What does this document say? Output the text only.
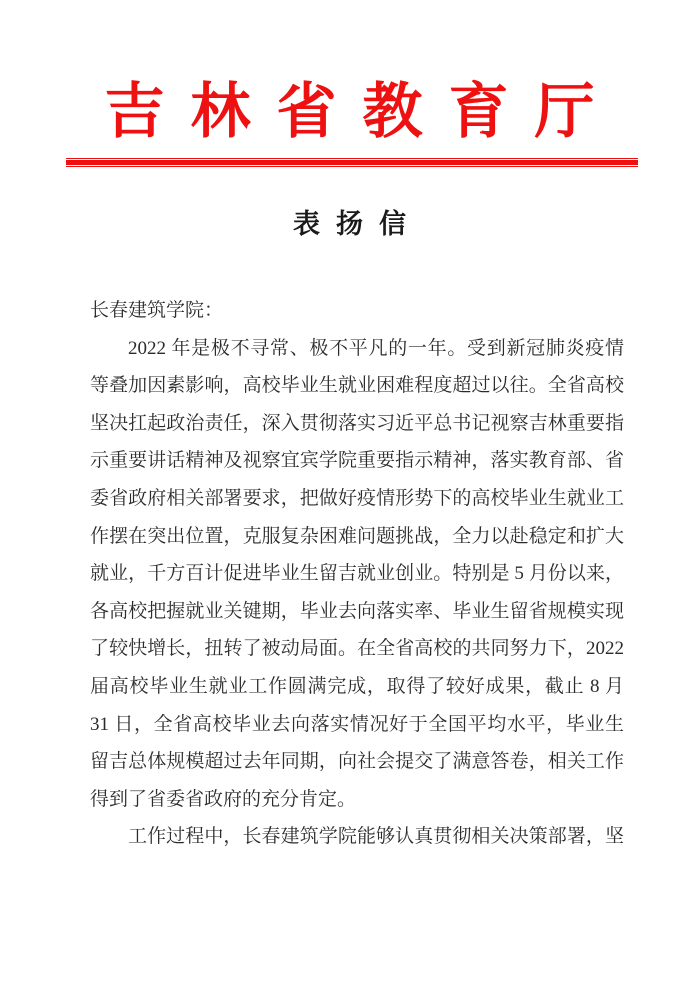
吉林省教育厅
表扬信
长春建筑学院：
2022 年是极不寻常、极不平凡的一年。受到新冠肺炎疫情
等叠加因素影响，高校毕业生就业困难程度超过以往。全省高校
坚决扛起政治责任，深入贯彻落实习近平总书记视察吉林重要指
示重要讲话精神及视察宜宾学院重要指示精神，落实教育部、省
委省政府相关部署要求，把做好疫情形势下的高校毕业生就业工
作摆在突出位置，克服复杂困难问题挑战，全力以赴稳定和扩大
就业，千方百计促进毕业生留吉就业创业。特别是 5 月份以来，
各高校把握就业关键期，毕业去向落实率、毕业生留省规模实现
了较快增长，扭转了被动局面。在全省高校的共同努力下，2022
届高校毕业生就业工作圆满完成，取得了较好成果，截止 8 月
31 日，全省高校毕业去向落实情况好于全国平均水平，毕业生
留吉总体规模超过去年同期，向社会提交了满意答卷，相关工作
得到了省委省政府的充分肯定。
工作过程中，长春建筑学院能够认真贯彻相关决策部署，坚
